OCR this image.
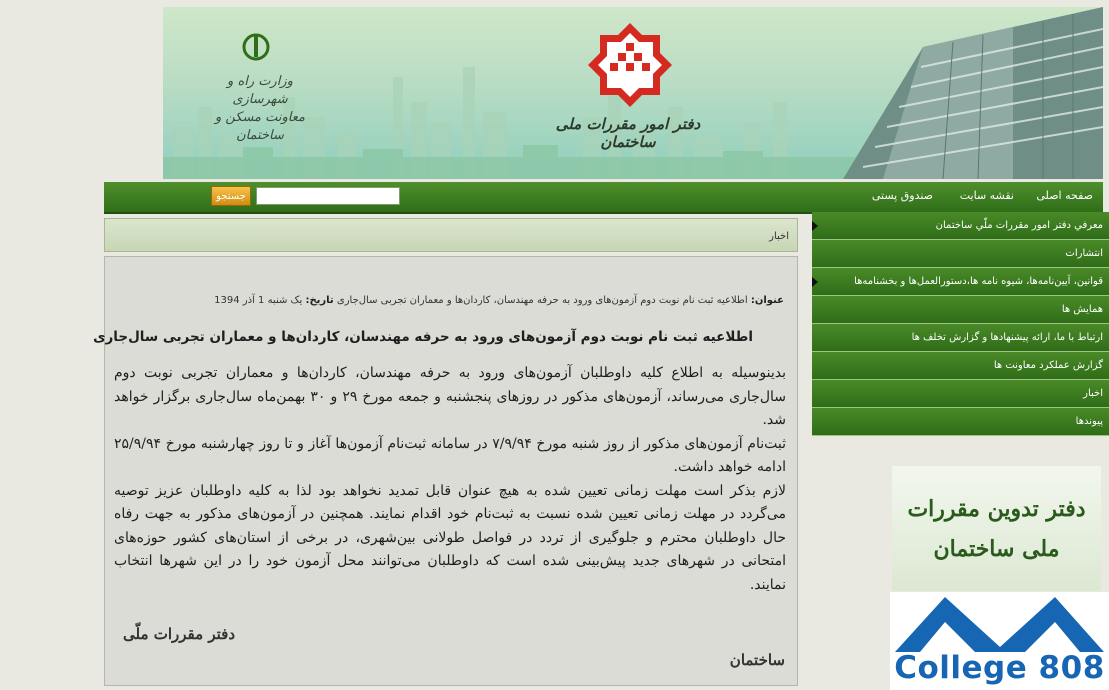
وزارت راه و شهرسازی
معاونت مسکن و ساختمان
دفتر امور مقررات ملی ساختمان
صفحه اصلی
نقشه سایت
صندوق پستی
جستجو
اخبار
عنوان: اطلاعیه ثبت نام نوبت دوم آزمون‌های ورود به حرفه مهندسان، کاردان‌ها و معماران تجربی سال‌جاری تاریخ: یک شنبه 1 آذر 1394
اطلاعیه ثبت نام نوبت دوم آزمون‌های ورود به حرفه مهندسان، کاردان‌ها و معماران تجربی سال‌جاری

بدینوسیله به اطلاع کلیه داوطلبان آزمون‌های ورود به حرفه مهندسان، کاردان‌ها و معماران تجربی نوبت دوم سال‌جاری می‌رساند، آزمون‌های مذکور در روزهای پنجشنبه و جمعه مورخ ۲۹ و ۳۰ بهمن‌ماه سال‌جاری برگزار خواهد شد.

ثبت‌نام آزمون‌های مذکور از روز شنبه مورخ ۷/۹/۹۴ در سامانه ثبت‌نام آزمون‌ها آغاز و تا روز چهارشنبه مورخ ۲۵/۹/۹۴ ادامه خواهد داشت.

لازم بذکر است مهلت زمانی تعیین شده به هیچ عنوان قابل تمدید نخواهد بود لذا به کلیه داوطلبان عزیز توصیه می‌گردد در مهلت زمانی تعیین شده نسبت به ثبت‌نام خود اقدام نمایند. همچنین در آزمون‌های مذکور به جهت رفاه حال داوطلبان محترم و جلوگیری از تردد در فواصل طولانی بین‌شهری، در برخی از استان‌های کشور حوزه‌های امتحانی در شهرهای جدید پیش‌بینی شده است که داوطلبان می‌توانند محل آزمون خود را در این شهرها انتخاب نمایند.

دفتر مقررات ملّی
ساختمان
معرفي دفتر امور مقررات ملّي ساختمان
انتشارات
قوانين، آيين‌نامه‌ها، شيوه نامه ها،دستورالعمل‌ها و بخشنامه‌ها
همايش ها
ارتباط با ما، ارائه پيشنهادها و گزارش تخلف ها
گزارش عملكرد معاونت ها
اخبار
پيوندها
دفتر تدوین مقررات
ملی ساختمان
College 808
